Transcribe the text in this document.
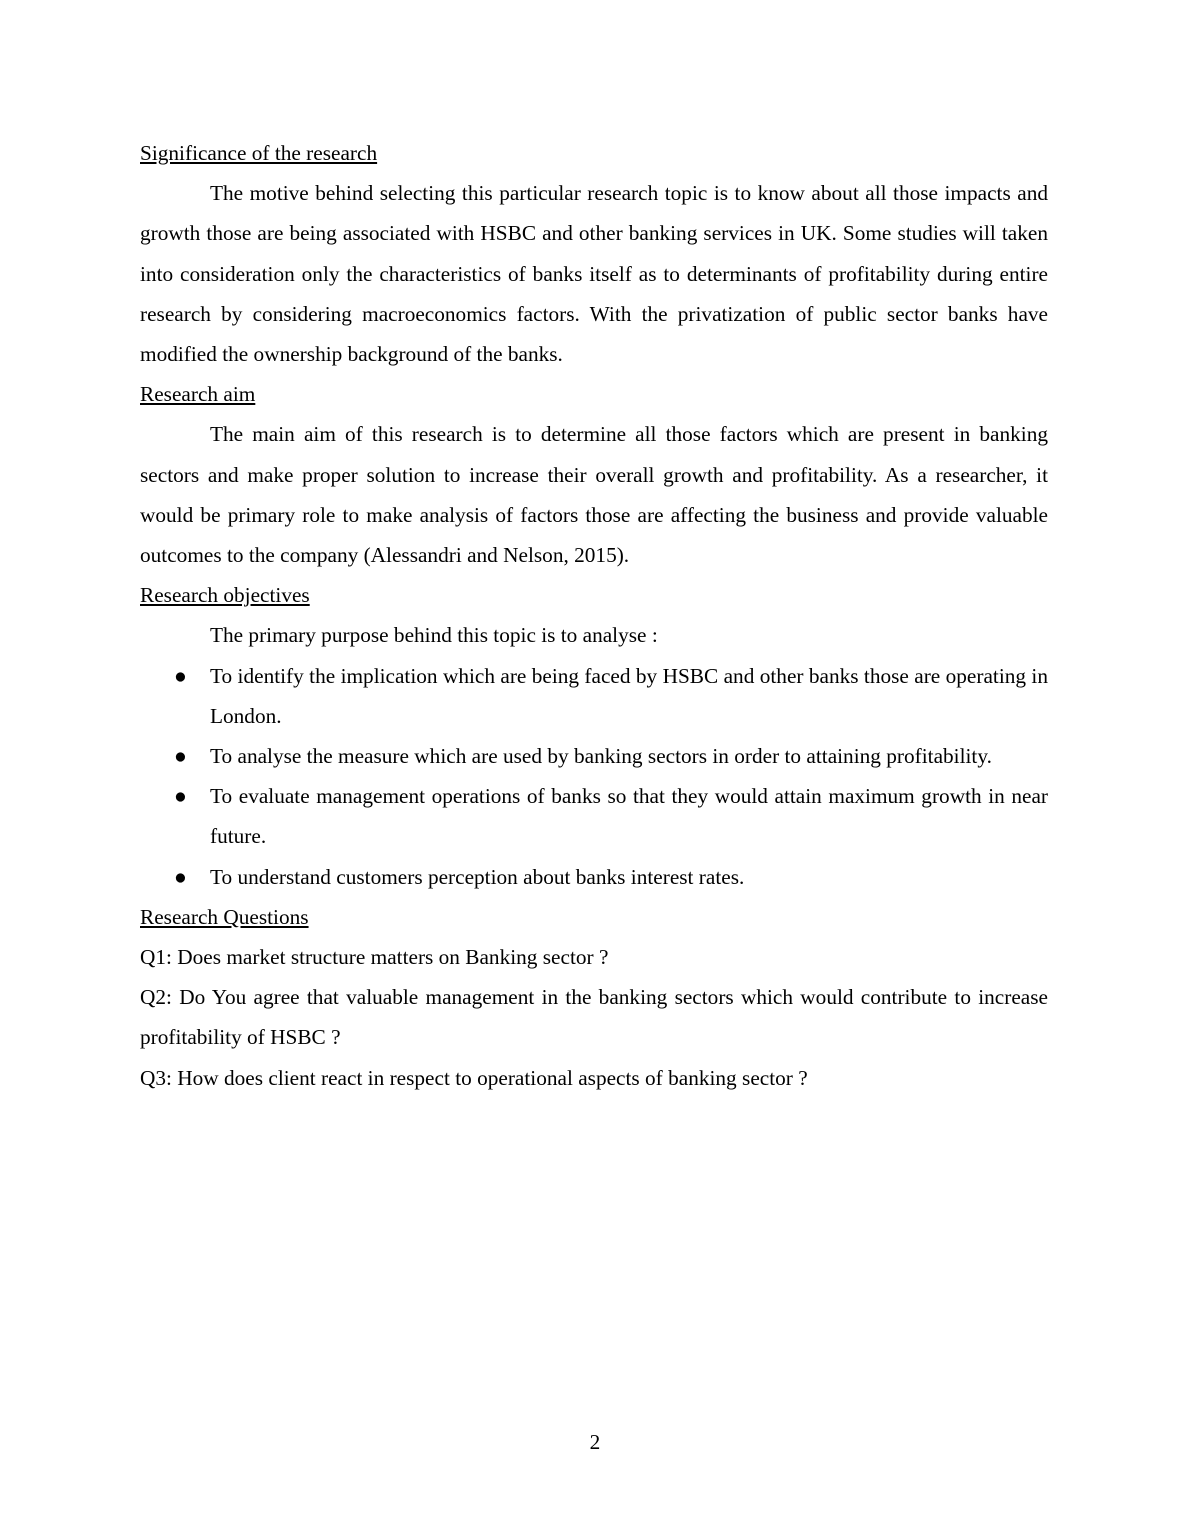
Significance of the research

The motive behind selecting this particular research topic is to know about all those impacts and growth those are being associated with HSBC and other banking services in UK. Some studies will taken into consideration only the characteristics of banks itself as to determinants of profitability during entire research by considering macroeconomics factors. With the privatization of public sector banks have modified the ownership background of the banks.

Research aim

The main aim of this research is to determine all those factors which are present in banking sectors and make proper solution to increase their overall growth and profitability. As a researcher, it would be primary role to make analysis of factors those are affecting the business and provide valuable outcomes to the company (Alessandri and Nelson, 2015).

Research objectives

The primary purpose behind this topic is to analyse :

● To identify the implication which are being faced by HSBC and other banks those are operating in London.
● To analyse the measure which are used by banking sectors in order to attaining profitability.
● To evaluate management operations of banks so that they would attain maximum growth in near future.
● To understand customers perception about banks interest rates.
Research Questions

Q1: Does market structure matters on Banking sector ?

Q2: Do You agree that valuable management in the banking sectors which would contribute to increase profitability of HSBC ?

Q3: How does client react in respect to operational aspects of banking sector ?

2
